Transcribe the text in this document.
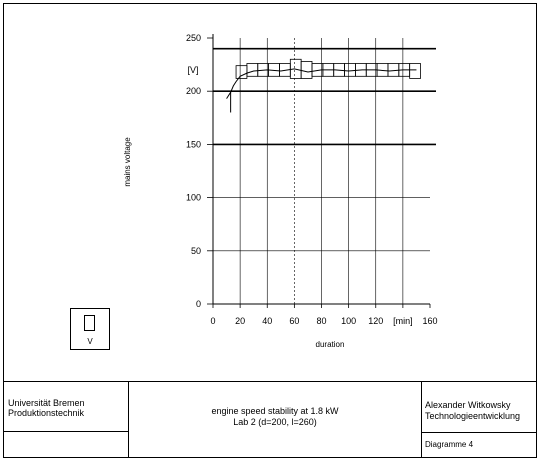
0 20 40 60 80 100 120 [min] 160
250
200
150
100
50
0
mains voltage
[V]
duration
V
Universität Bremen
Produktionstechnik	engine speed stability at 1.8 kW
Lab 2 (d=200, l=260)
Alexander Witkowsky
Technologieentwicklung
Diagramme 4
